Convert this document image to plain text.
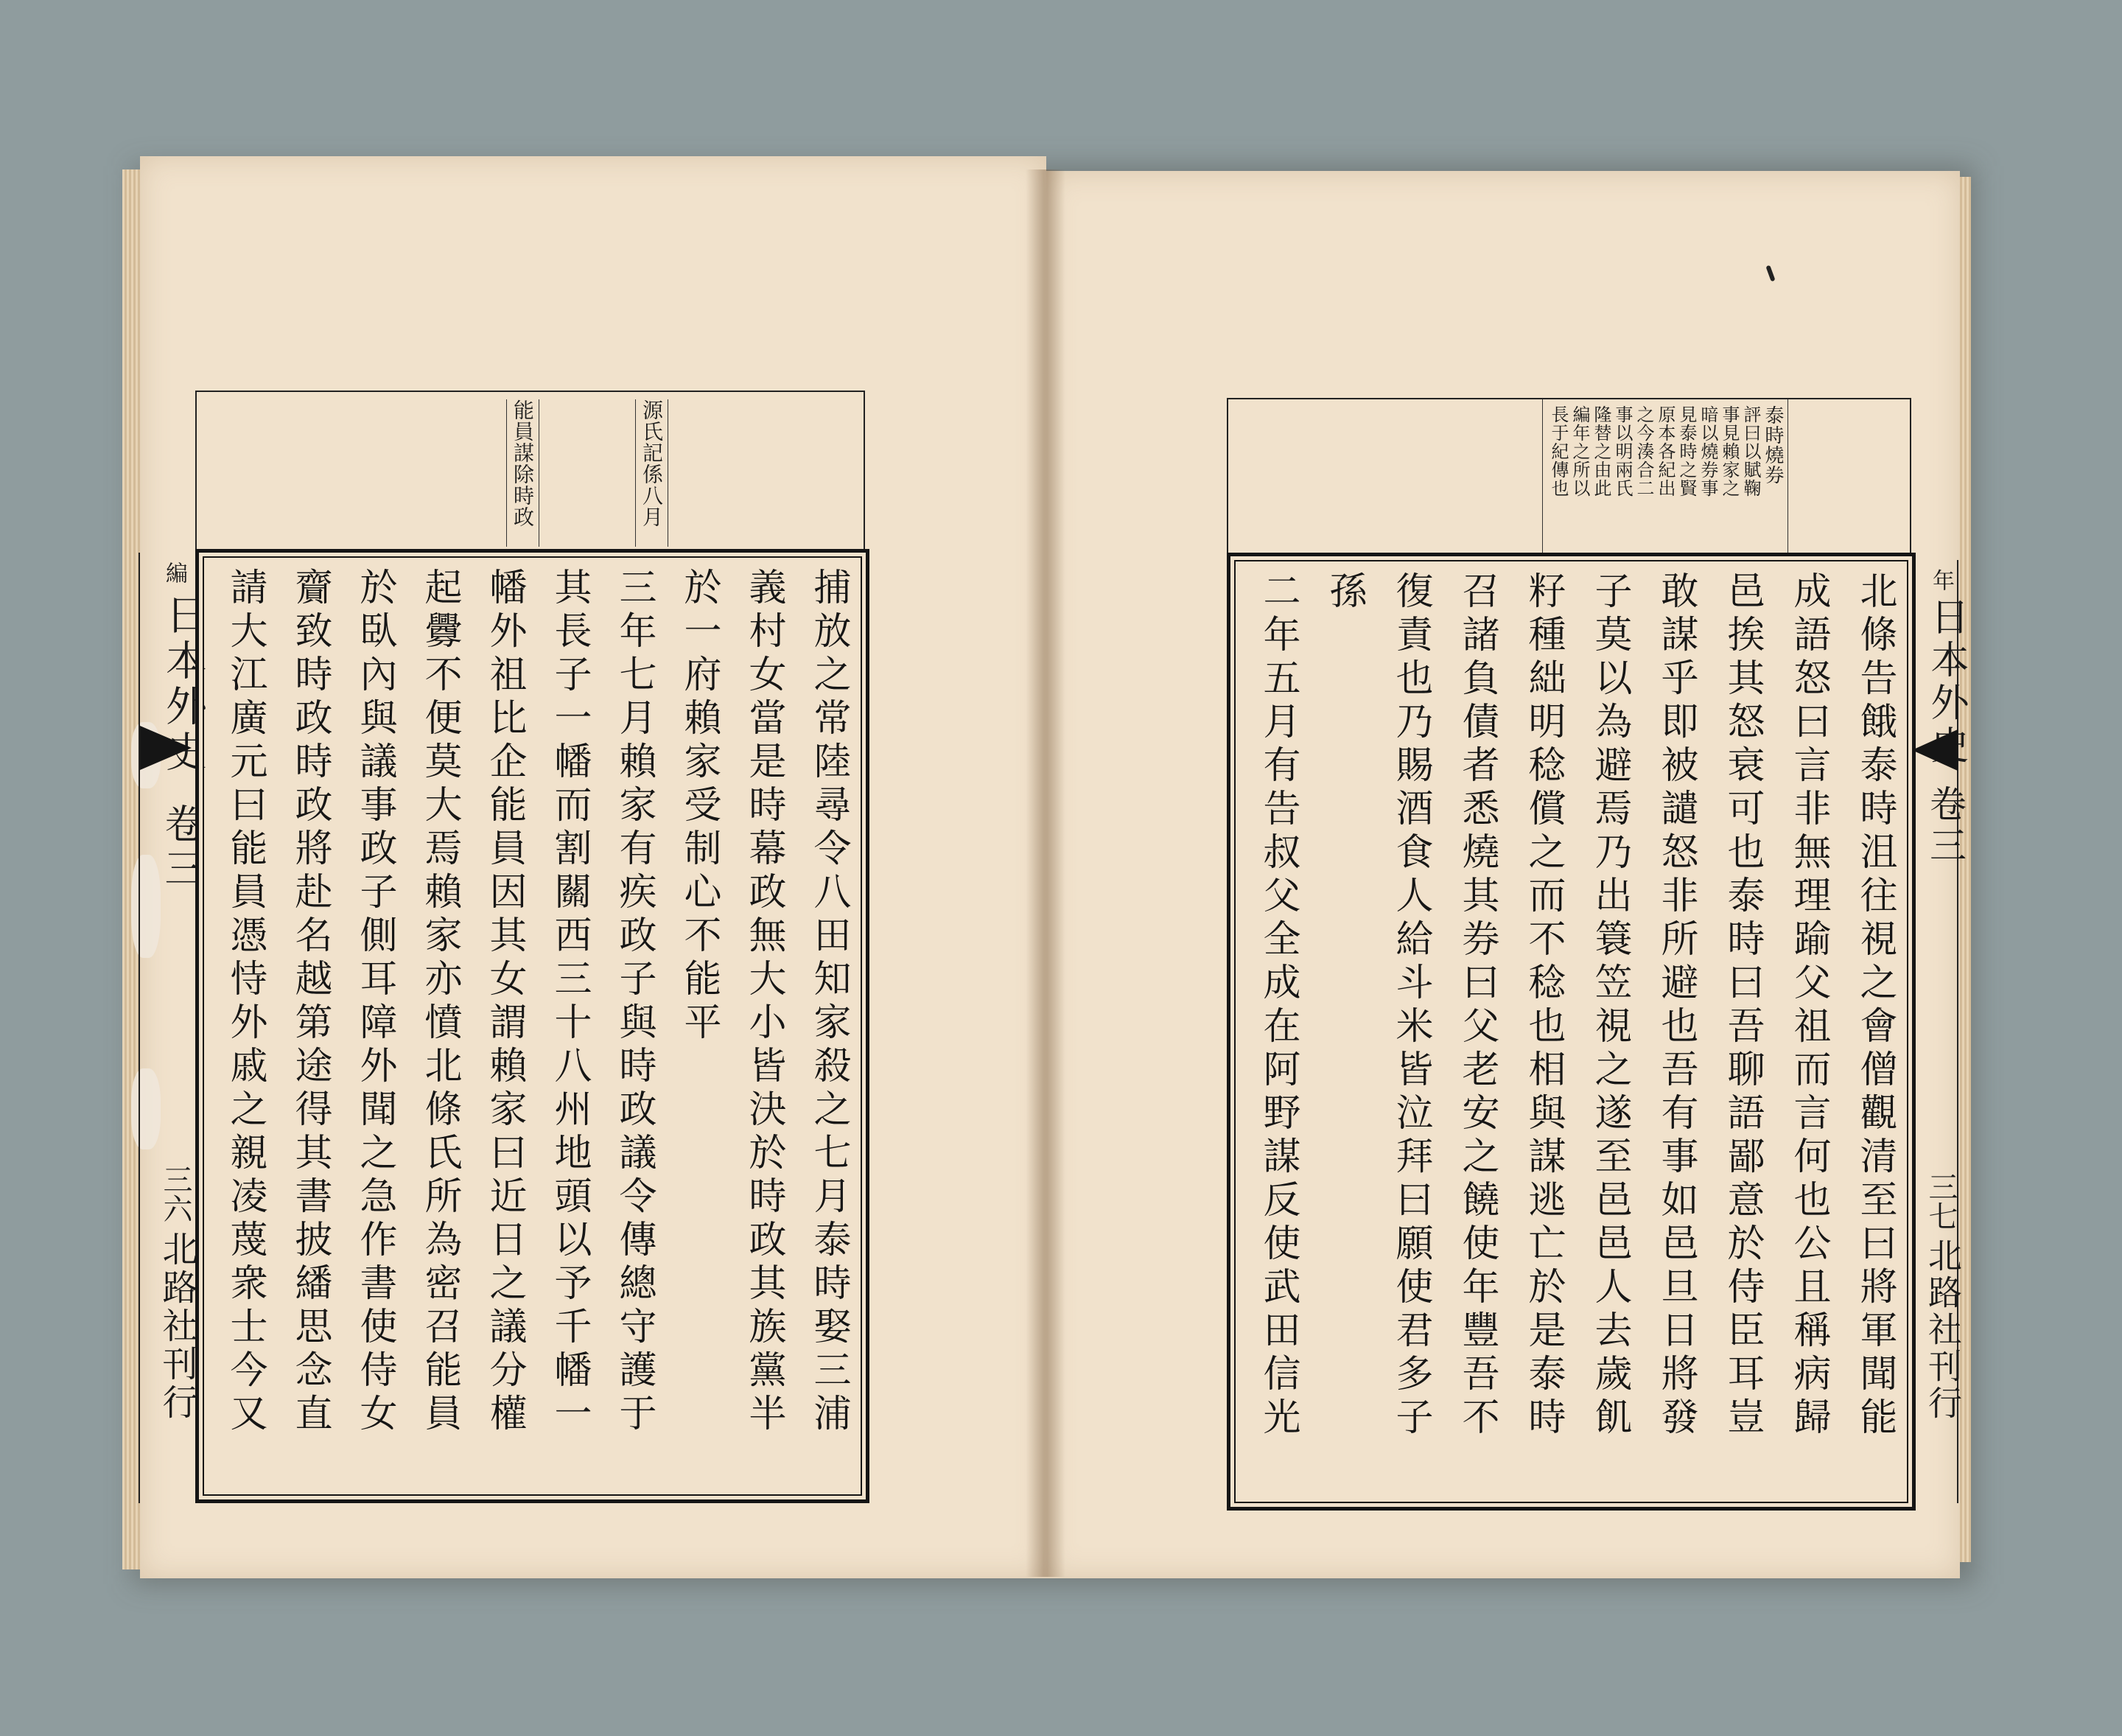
源氏記係八月
能員謀除時政
編
日本外史
卷三
三六
北路社刊行	捕放之常陸尋令八田知家殺之七月泰時娶三浦
義村女當是時幕政無大小皆決於時政其族黨半
於一府賴家受制心不能平
三年七月賴家有疾政子與時政議令傳總守護于
其長子一幡而割關西三十八州地頭以予千幡一
幡外祖比企能員因其女謂賴家曰近日之議分權
起釁不便莫大焉賴家亦憤北條氏所為密召能員
於臥內與議事政子側耳障外聞之急作書使侍女
齎致時政時政將赴名越第途得其書披繙思念直
請大江廣元曰能員憑恃外戚之親凌蔑衆士今又
泰時燒券
評曰以賦鞠
事見賴家之
暗以燒券事
見泰時之賢
原本各紀出
之今湊合二
事以明兩氏
隆替之由此
編年之所以
長于紀傳也
北條告餓泰時沮往視之會僧觀清至曰將軍聞能
成語怒曰言非無理踰父祖而言何也公且稱病歸
邑挨其怒衰可也泰時曰吾聊語鄙意於侍臣耳豈
敢謀乎即被譴怒非所避也吾有事如邑旦日將發
子莫以為避焉乃出簑笠視之遂至邑邑人去歲飢
籽種絀明稔償之而不稔也相與謀逃亡於是泰時
召諸負債者悉燒其券曰父老安之饒使年豐吾不
復責也乃賜酒食人給斗米皆泣拜曰願使君多子
孫
二年五月有告叔父全成在阿野謀反使武田信光	年
日本外史
卷三
三七
北路社刊行
